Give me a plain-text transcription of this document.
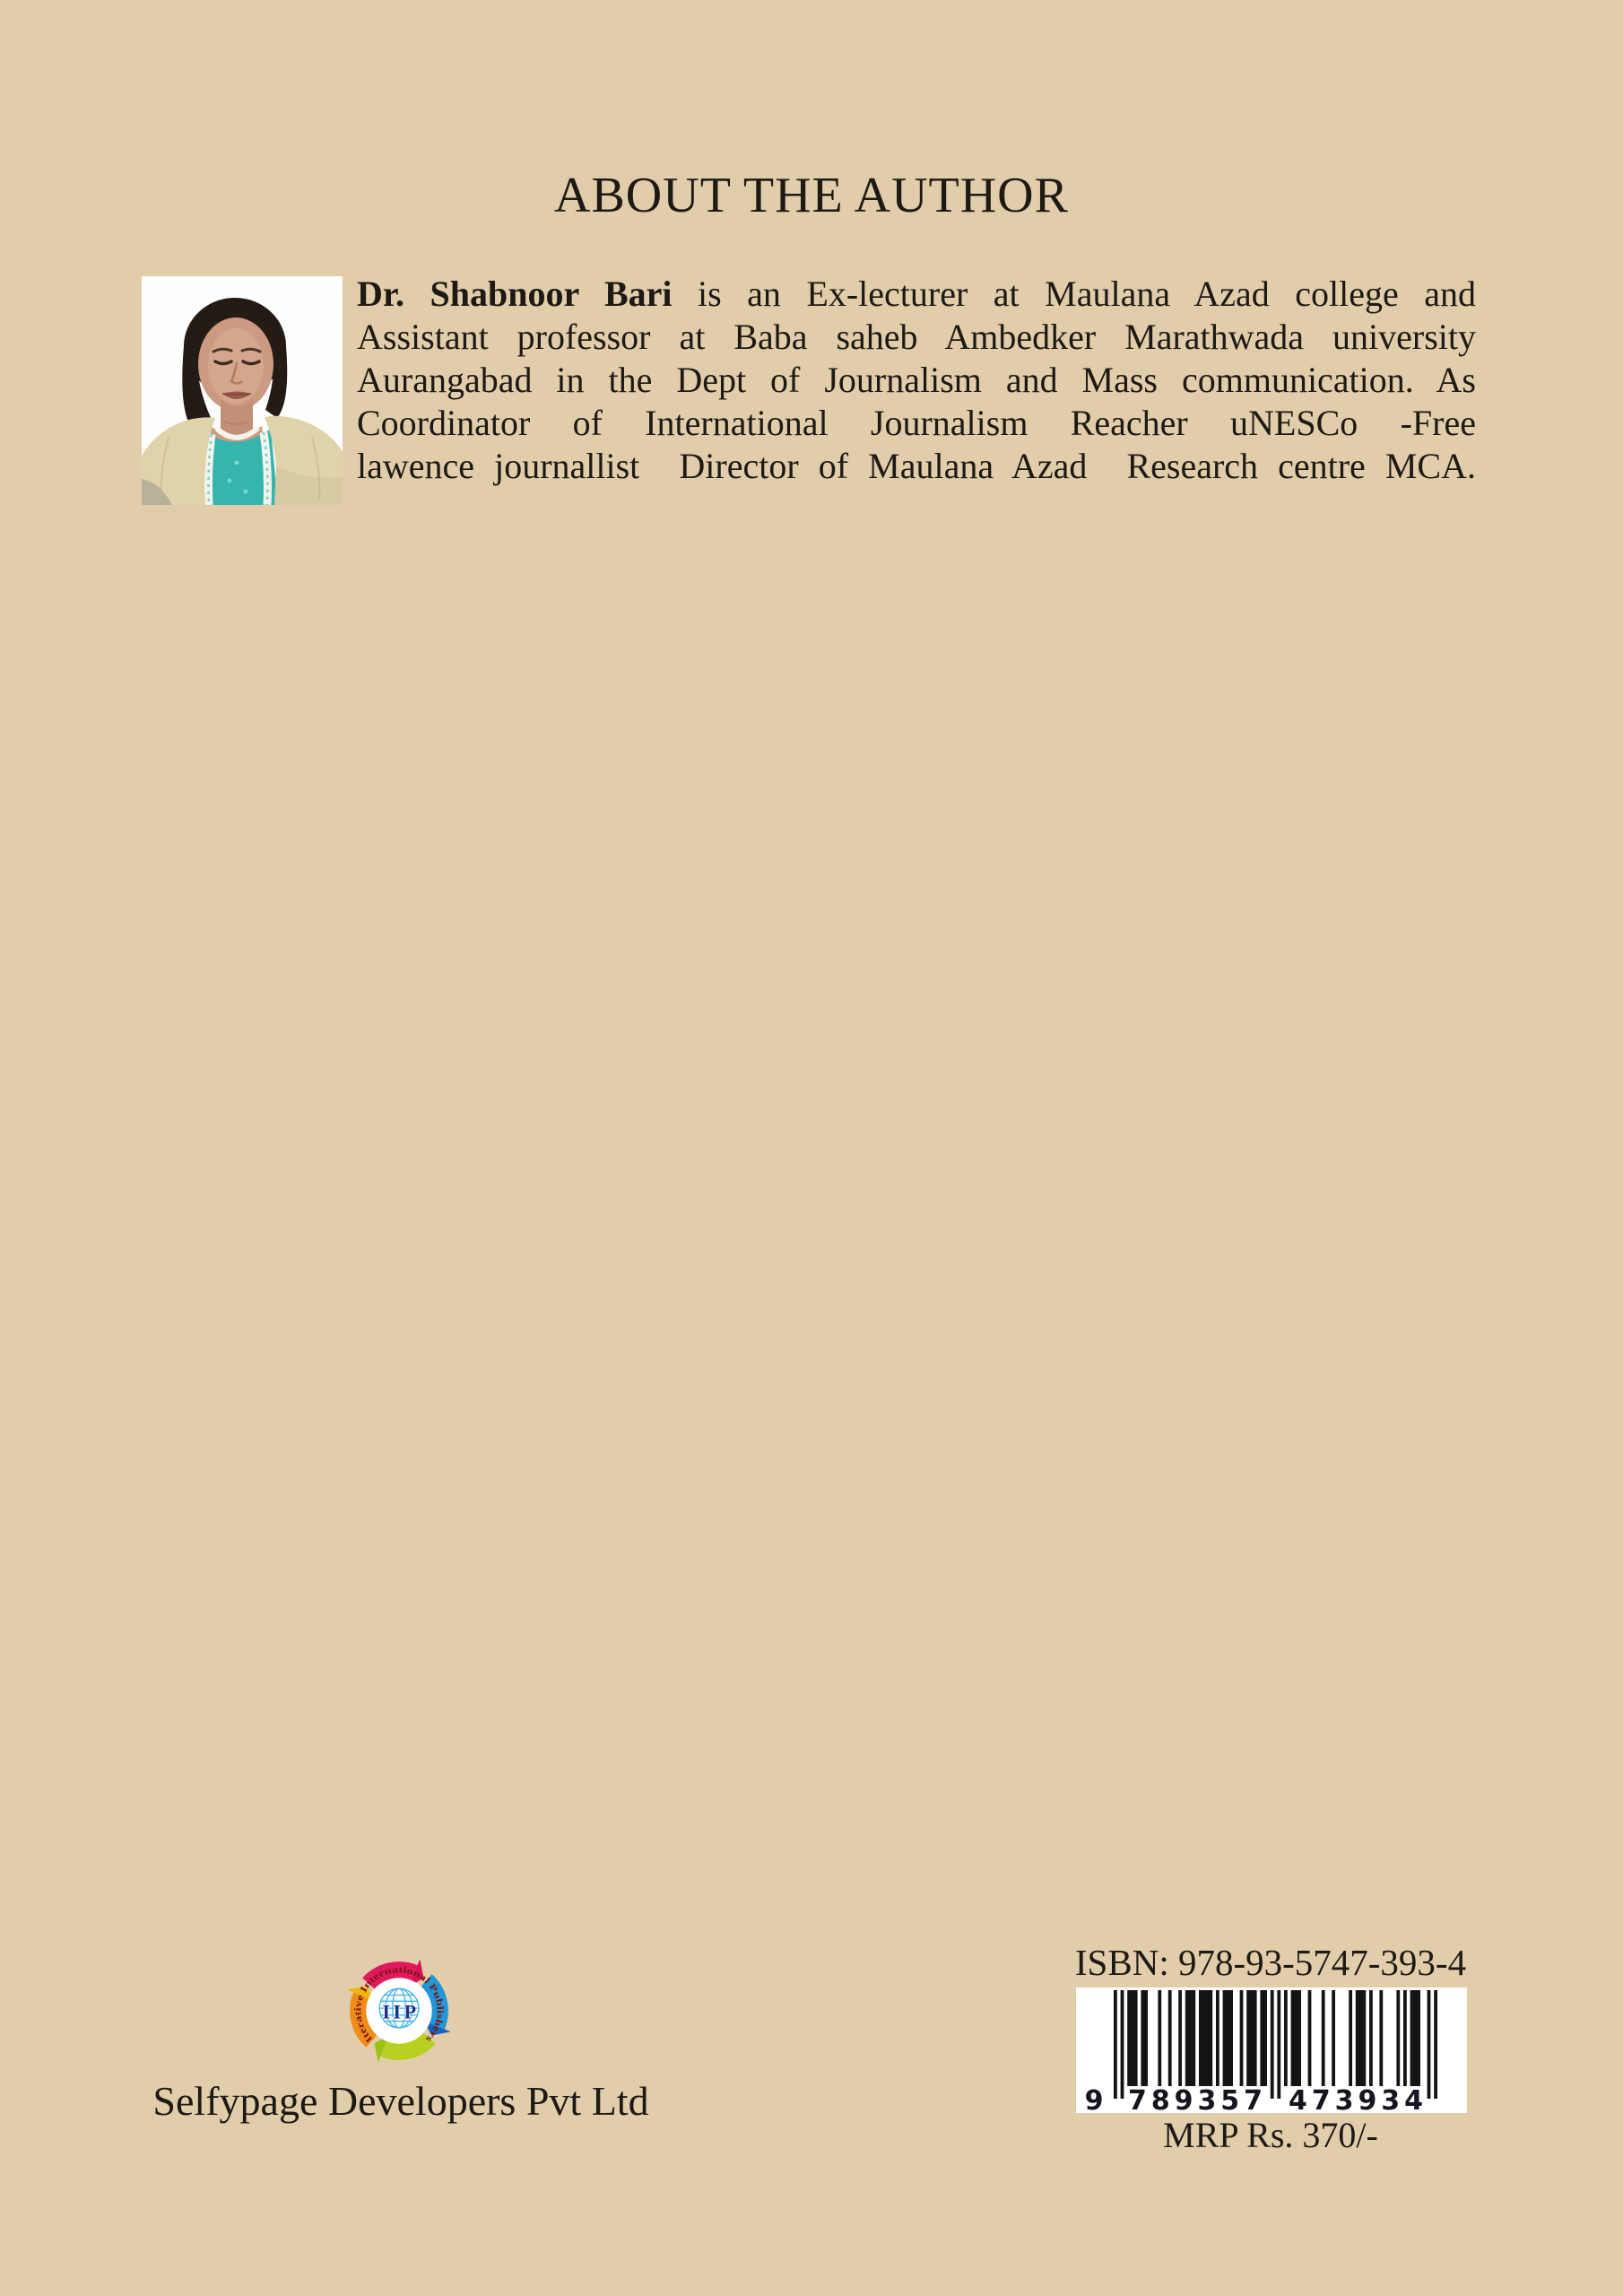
ABOUT THE AUTHOR
Dr. Shabnoor Bari is an Ex-lecturer at Maulana Azad college and
Assistant professor at Baba saheb Ambedker Marathwada university
Aurangabad in the Dept of Journalism and Mass communication. As
Coordinator of International Journalism Reacher uNESCo -Free
lawence journallist  Director of Maulana Azad  Research centre MCA.
Iterative International Publishers
IIP
Selfypage Developers Pvt Ltd
ISBN: 978-93-5747-393-4
9 789357 473934
MRP Rs. 370/-
